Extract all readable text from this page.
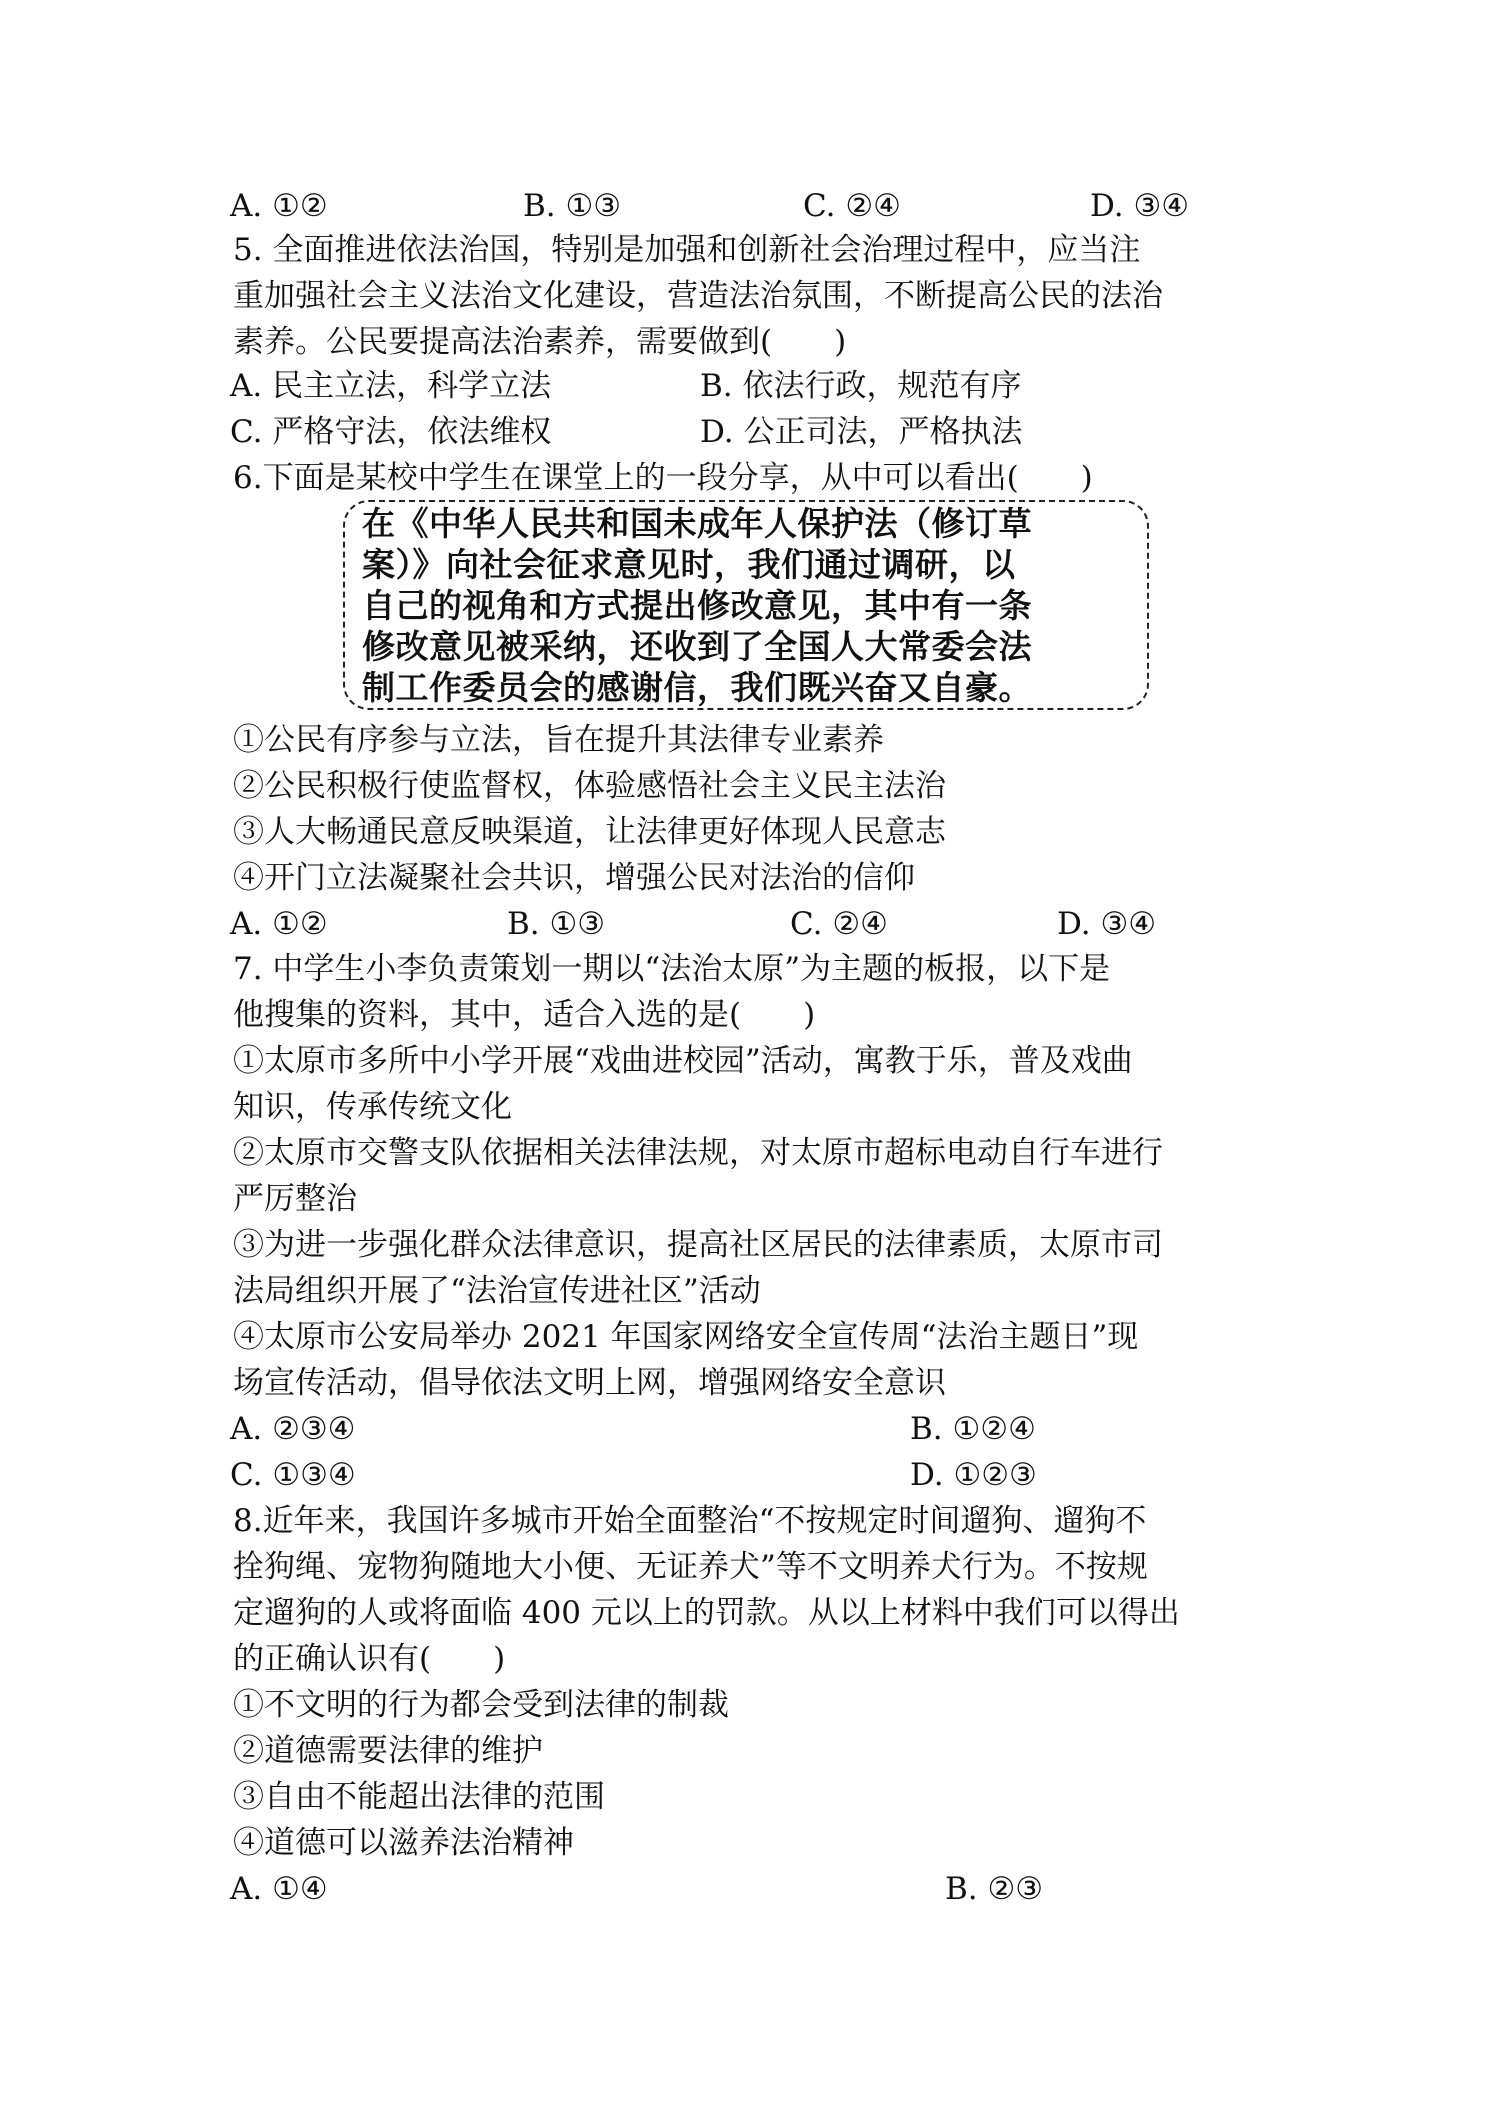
A. ①②	B. ①③	C. ②④	D. ③④
5. 全面推进依法治国，特别是加强和创新社会治理过程中，应当注
重加强社会主义法治文化建设，营造法治氛围，不断提高公民的法治
素养。公民要提高法治素养，需要做到(　　)
A. 民主立法，科学立法	B. 依法行政，规范有序
C. 严格守法，依法维权	D. 公正司法，严格执法
6.下面是某校中学生在课堂上的一段分享，从中可以看出(　　)
在《中华人民共和国未成年人保护法（修订草
案）》向社会征求意见时，我们通过调研，以
自己的视角和方式提出修改意见，其中有一条
修改意见被采纳，还收到了全国人大常委会法
制工作委员会的感谢信，我们既兴奋又自豪。
①公民有序参与立法，旨在提升其法律专业素养
②公民积极行使监督权，体验感悟社会主义民主法治
③人大畅通民意反映渠道，让法律更好体现人民意志
④开门立法凝聚社会共识，增强公民对法治的信仰
A. ①②	B. ①③	C. ②④	D. ③④
7. 中学生小李负责策划一期以“法治太原”为主题的板报，以下是
他搜集的资料，其中，适合入选的是(　　)
①太原市多所中小学开展“戏曲进校园”活动，寓教于乐，普及戏曲
知识，传承传统文化
②太原市交警支队依据相关法律法规，对太原市超标电动自行车进行
严厉整治
③为进一步强化群众法律意识，提高社区居民的法律素质，太原市司
法局组织开展了“法治宣传进社区”活动
④太原市公安局举办 2021 年国家网络安全宣传周“法治主题日”现
场宣传活动，倡导依法文明上网，增强网络安全意识
A. ②③④	B. ①②④
C. ①③④	D. ①②③
8.近年来，我国许多城市开始全面整治“不按规定时间遛狗、遛狗不
拴狗绳、宠物狗随地大小便、无证养犬”等不文明养犬行为。不按规
定遛狗的人或将面临 400 元以上的罚款。从以上材料中我们可以得出
的正确认识有(　　)
①不文明的行为都会受到法律的制裁
②道德需要法律的维护
③自由不能超出法律的范围
④道德可以滋养法治精神
A. ①④	B. ②③
